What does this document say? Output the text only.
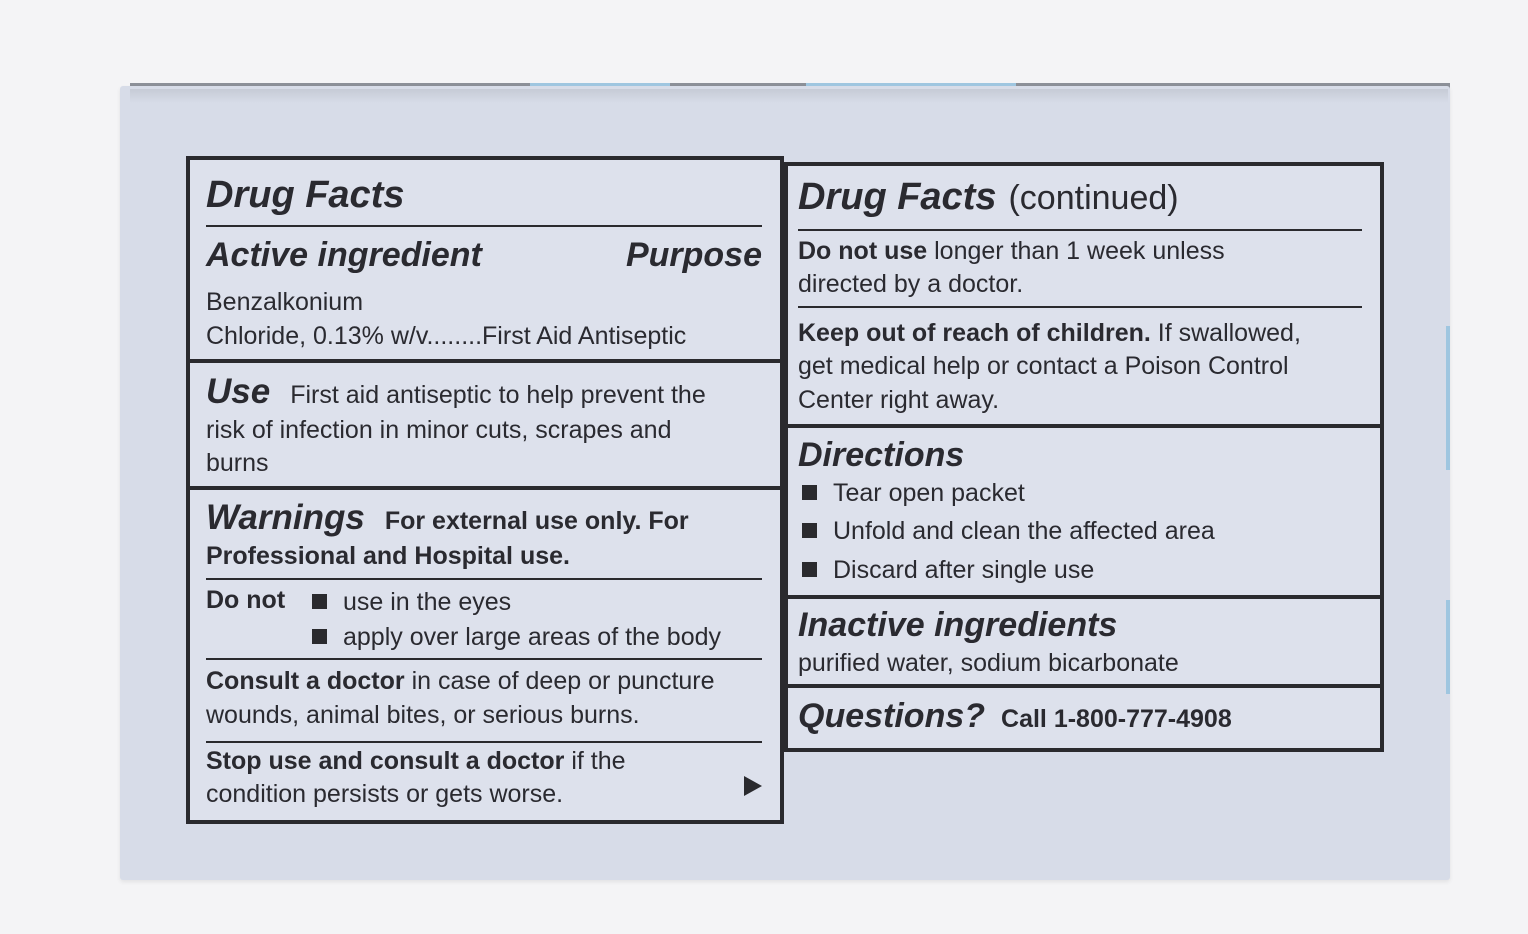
Drug Facts
Active ingredient	Purpose
Benzalkonium
Chloride, 0.13% w/v........First Aid Antiseptic
Use First aid antiseptic to help prevent the
risk of infection in minor cuts, scrapes and
burns
Warnings For external use only. For
Professional and Hospital use.
Do not	use in the eyes
apply over large areas of the body
Consult a doctor in case of deep or puncture
wounds, animal bites, or serious burns.
Stop use and consult a doctor if the
condition persists or gets worse.
Drug Facts (continued)
Do not use longer than 1 week unless
directed by a doctor.
Keep out of reach of children. If swallowed,
get medical help or contact a Poison Control
Center right away.
Directions
Tear open packet
Unfold and clean the affected area
Discard after single use
Inactive ingredients
purified water, sodium bicarbonate
Questions? Call 1-800-777-4908
